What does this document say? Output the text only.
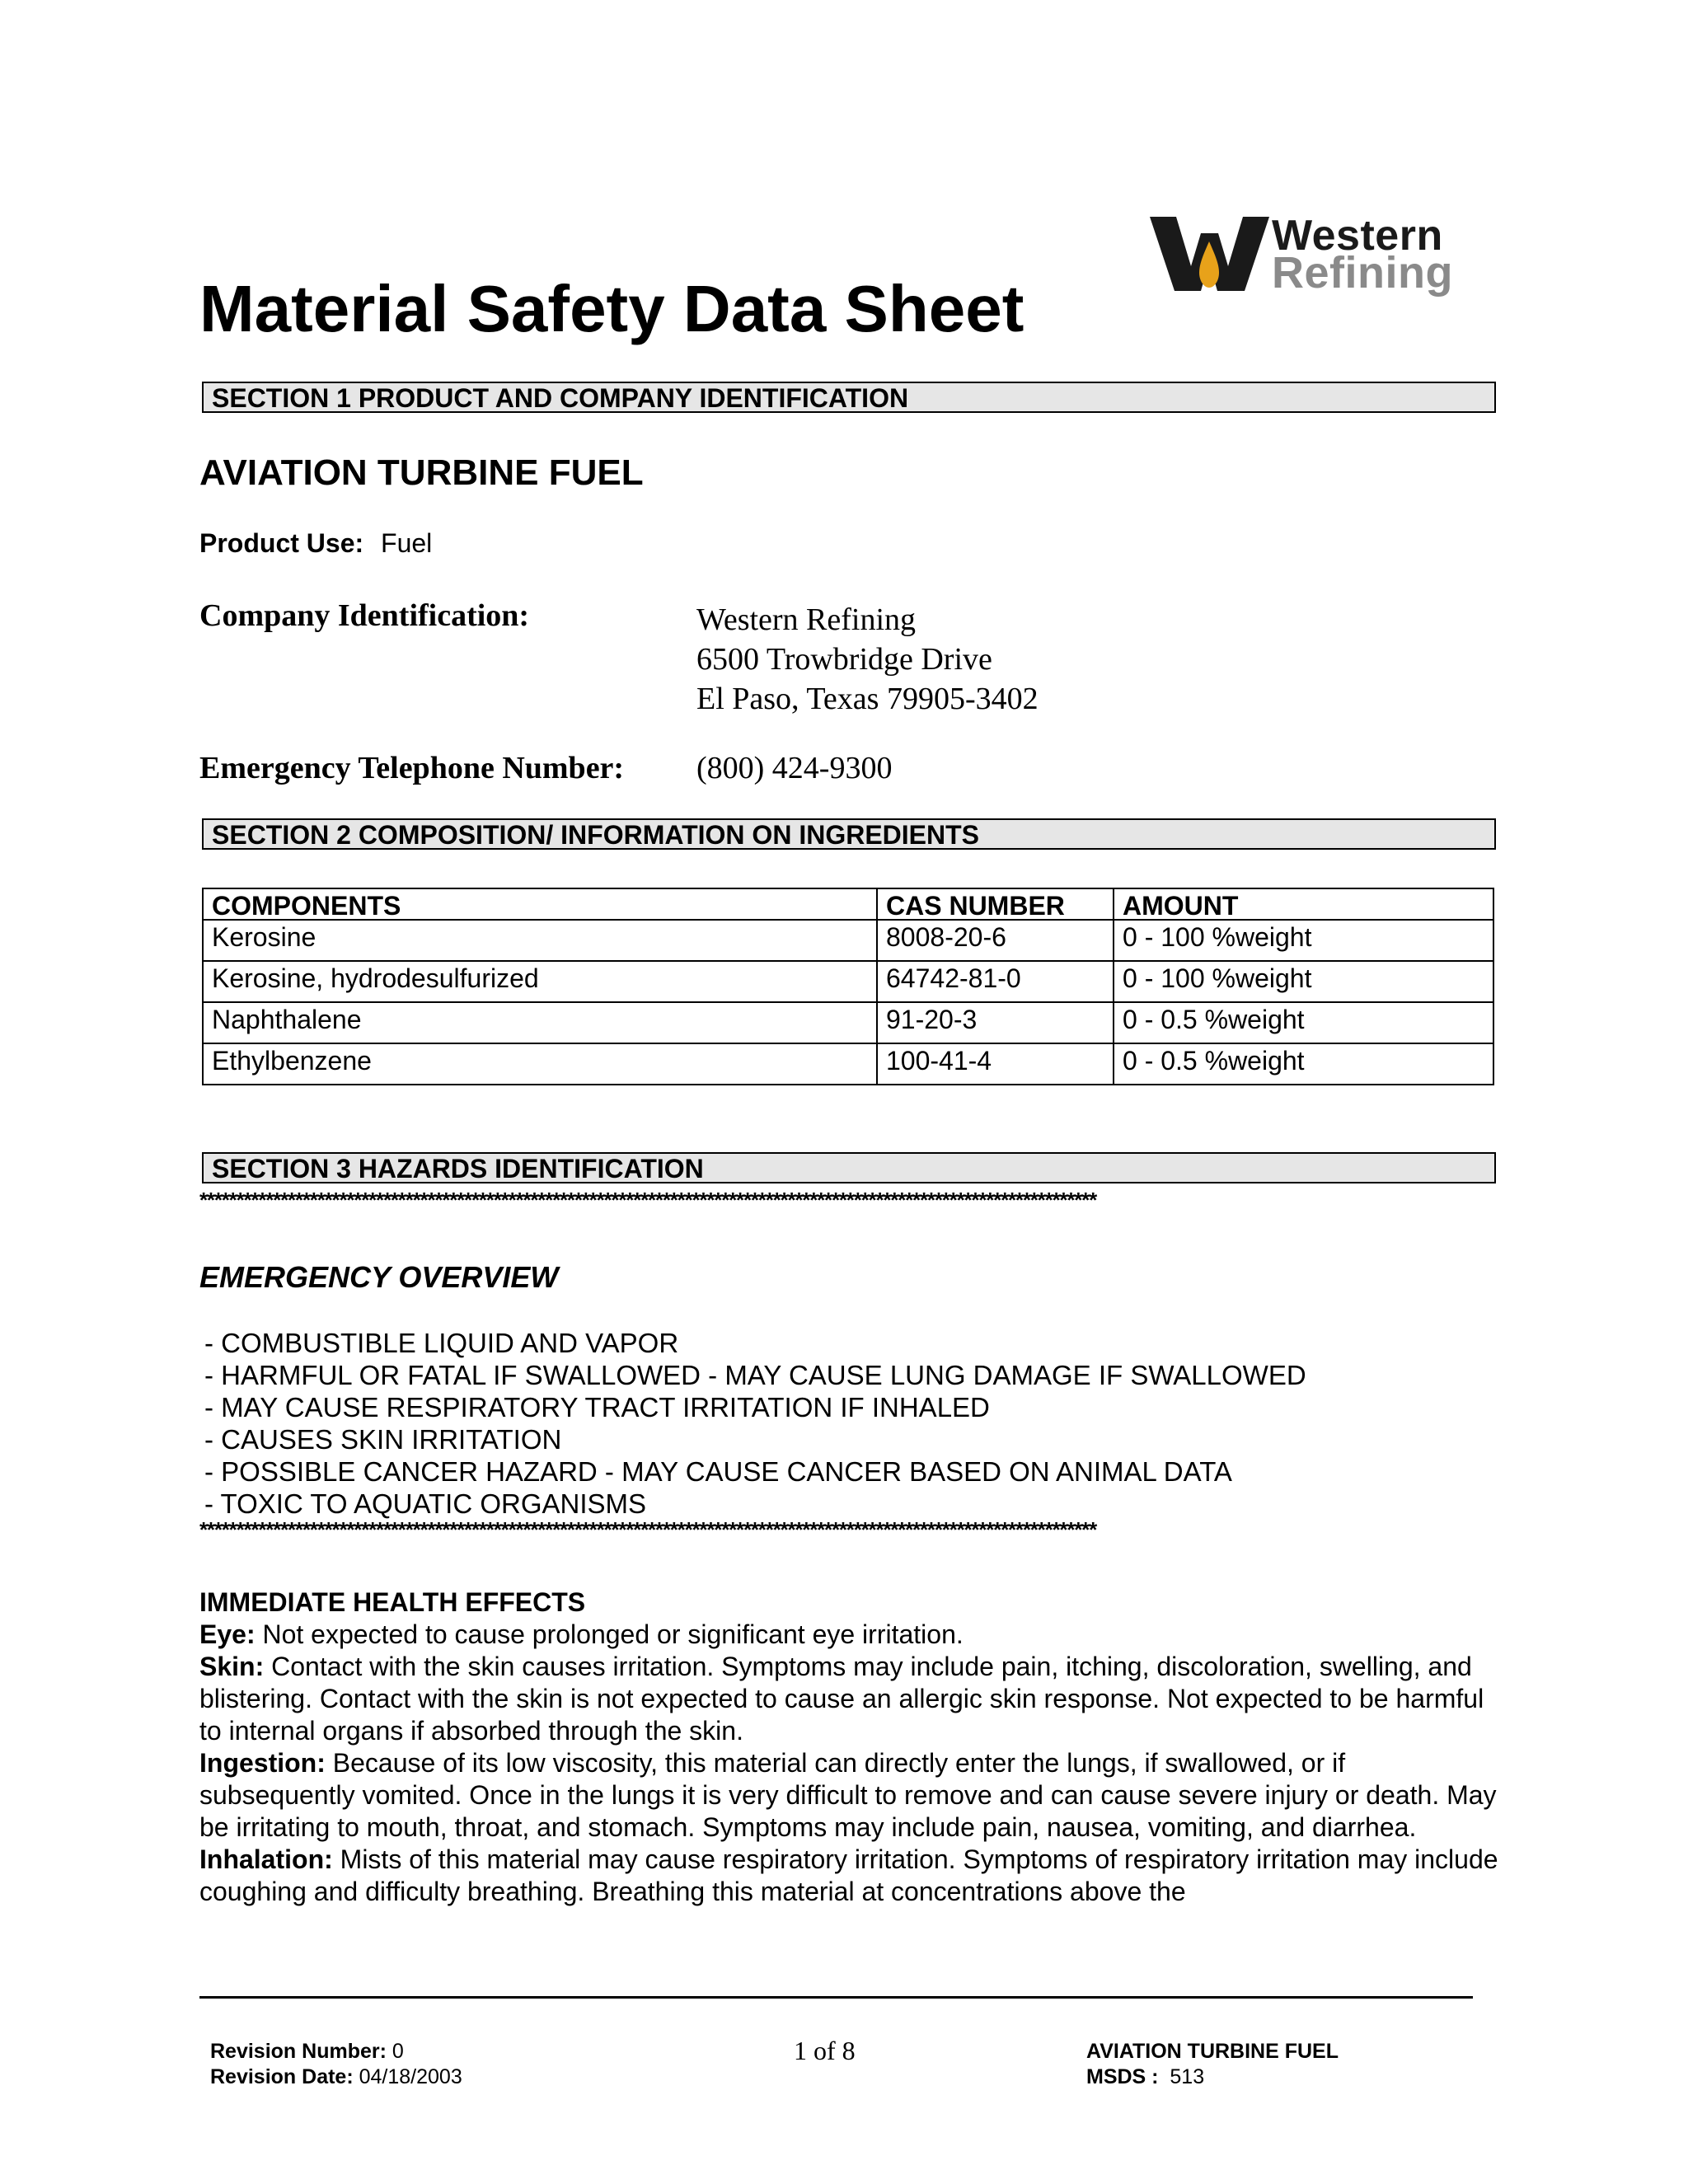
Western
Refining
Material Safety Data Sheet
SECTION 1 PRODUCT AND COMPANY IDENTIFICATION
AVIATION TURBINE FUEL
Product Use: Fuel
Company Identification:	Western Refining
6500 Trowbridge Drive
El Paso, Texas 79905-3402
Emergency Telephone Number: (800) 424-9300
SECTION 2 COMPOSITION/ INFORMATION ON INGREDIENTS
COMPONENTS	CAS NUMBER	AMOUNT
Kerosine	8008-20-6	0 - 100 %weight
Kerosine, hydrodesulfurized	64742-81-0	0 - 100 %weight
Naphthalene	91-20-3	0 - 0.5 %weight
Ethylbenzene	100-41-4	0 - 0.5 %weight
SECTION 3 HAZARDS IDENTIFICATION
**************************************************************************************************************************
EMERGENCY OVERVIEW
- COMBUSTIBLE LIQUID AND VAPOR
- HARMFUL OR FATAL IF SWALLOWED - MAY CAUSE LUNG DAMAGE IF SWALLOWED
- MAY CAUSE RESPIRATORY TRACT IRRITATION IF INHALED
- CAUSES SKIN IRRITATION
- POSSIBLE CANCER HAZARD - MAY CAUSE CANCER BASED ON ANIMAL DATA
- TOXIC TO AQUATIC ORGANISMS
**************************************************************************************************************************
IMMEDIATE HEALTH EFFECTS
Eye: Not expected to cause prolonged or significant eye irritation.
Skin: Contact with the skin causes irritation. Symptoms may include pain, itching, discoloration, swelling, and blistering. Contact with the skin is not expected to cause an allergic skin response. Not expected to be harmful to internal organs if absorbed through the skin.
Ingestion: Because of its low viscosity, this material can directly enter the lungs, if swallowed, or if subsequently vomited. Once in the lungs it is very difficult to remove and can cause severe injury or death. May be irritating to mouth, throat, and stomach. Symptoms may include pain, nausea, vomiting, and diarrhea.
Inhalation: Mists of this material may cause respiratory irritation. Symptoms of respiratory irritation may include coughing and difficulty breathing. Breathing this material at concentrations above the
Revision Number: 0
Revision Date: 04/18/2003
1 of 8	AVIATION TURBINE FUEL
MSDS :  513
